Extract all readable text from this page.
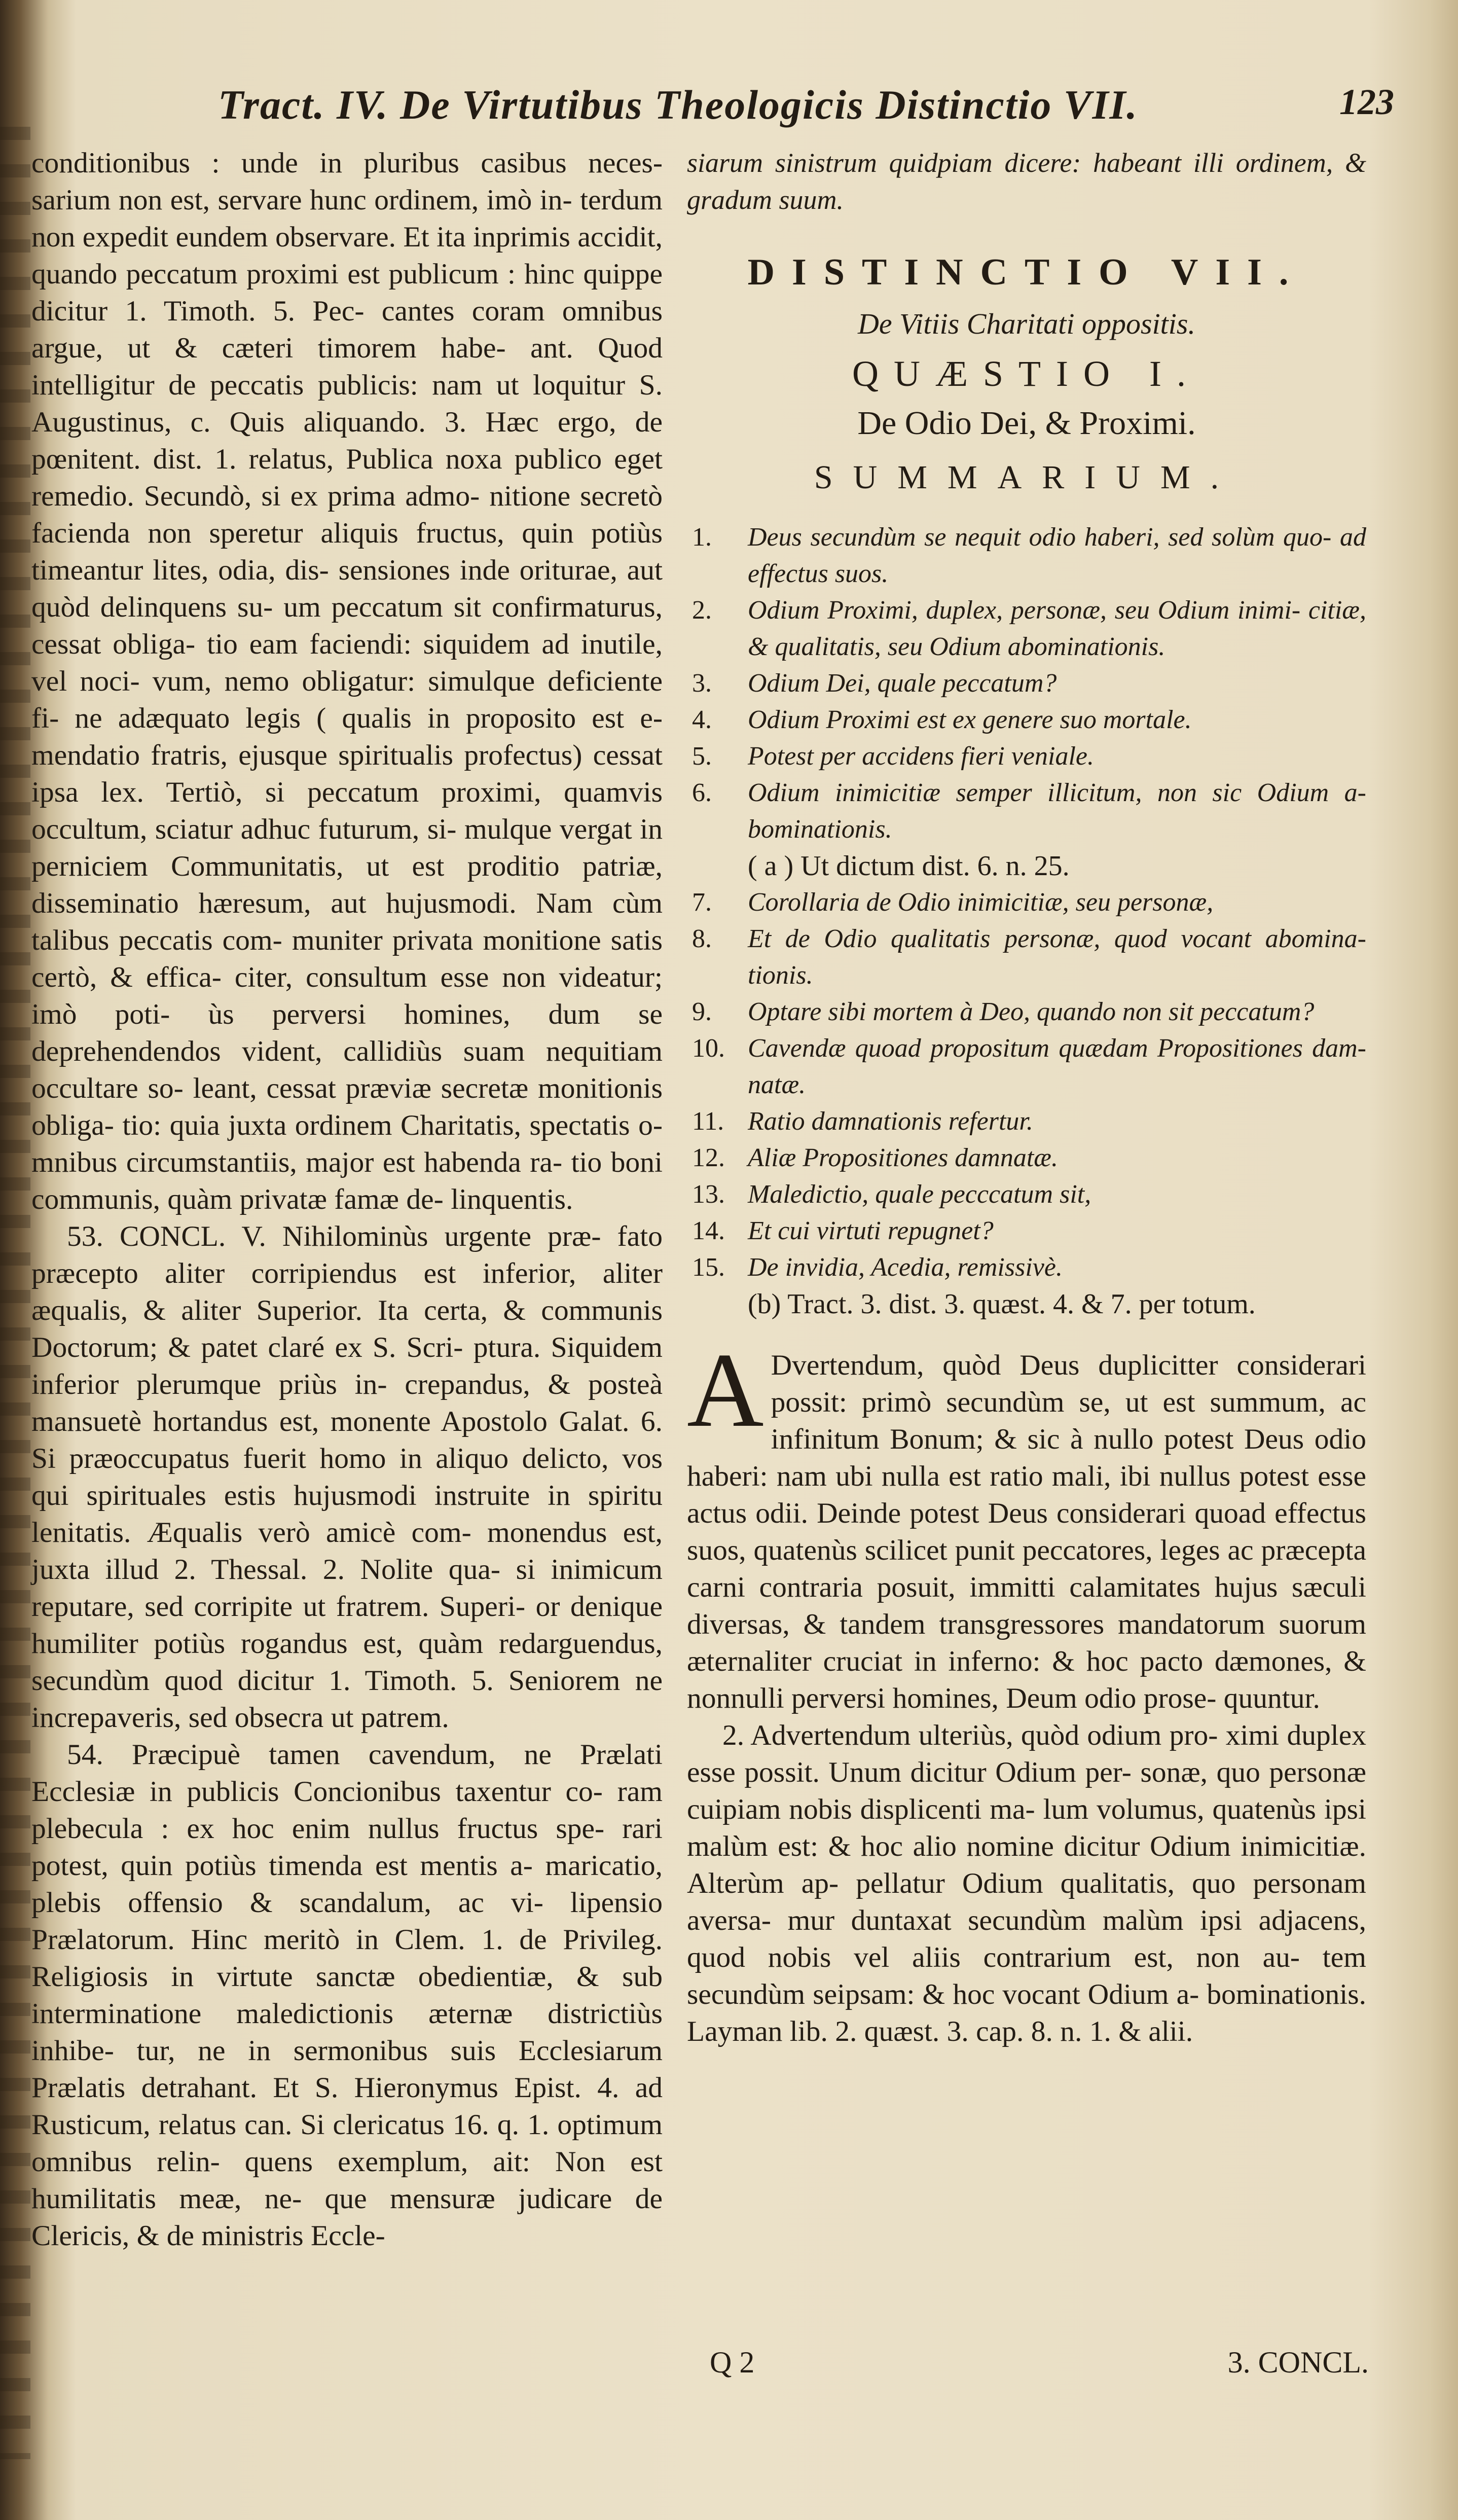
Tract. IV. De Virtutibus Theologicis Distinctio VII.	123

conditionibus : unde in pluribus casibus neces- sarium non est, servare hunc ordinem, imò in- terdum non expedit eundem observare. Et ita inprimis accidit, quando peccatum proximi est publicum : hinc quippe dicitur 1. Timoth. 5. Pec- cantes coram omnibus argue, ut & cæteri timorem habe- ant. Quod intelligitur de peccatis publicis: nam ut loquitur S. Augustinus, c. Quis aliquando. 3. Hæc ergo, de pœnitent. dist. 1. relatus, Publica noxa publico eget remedio. Secundò, si ex prima admo- nitione secretò facienda non speretur aliquis fructus, quin potiùs timeantur lites, odia, dis- sensiones inde oriturae, aut quòd delinquens su- um peccatum sit confirmaturus, cessat obliga- tio eam faciendi: siquidem ad inutile, vel noci- vum, nemo obligatur: simulque deficiente fi- ne adæquato legis ( qualis in proposito est e- mendatio fratris, ejusque spiritualis profectus) cessat ipsa lex. Tertiò, si peccatum proximi, quamvis occultum, sciatur adhuc futurum, si- mulque vergat in perniciem Communitatis, ut est proditio patriæ, disseminatio hæresum, aut hujusmodi. Nam cùm talibus peccatis com- muniter privata monitione satis certò, & effica- citer, consultum esse non videatur; imò poti- ùs perversi homines, dum se deprehendendos vident, callidiùs suam nequitiam occultare so- leant, cessat præviæ secretæ monitionis obliga- tio: quia juxta ordinem Charitatis, spectatis o- mnibus circumstantiis, major est habenda ra- tio boni communis, quàm privatæ famæ de- linquentis.

53. CONCL. V. Nihilominùs urgente præ- fato præcepto aliter corripiendus est inferior, aliter æqualis, & aliter Superior. Ita certa, & communis Doctorum; & patet claré ex S. Scri- ptura. Siquidem inferior plerumque priùs in- crepandus, & posteà mansuetè hortandus est, monente Apostolo Galat. 6. Si præoccupatus fuerit homo in aliquo delicto, vos qui spirituales estis hujusmodi instruite in spiritu lenitatis. Æqualis verò amicè com- monendus est, juxta illud 2. Thessal. 2. Nolite qua- si inimicum reputare, sed corripite ut fratrem. Superi- or denique humiliter potiùs rogandus est, quàm redarguendus, secundùm quod dicitur 1. Timoth. 5. Seniorem ne increpaveris, sed obsecra ut patrem.

54. Præcipuè tamen cavendum, ne Prælati Ecclesiæ in publicis Concionibus taxentur co- ram plebecula : ex hoc enim nullus fructus spe- rari potest, quin potiùs timenda est mentis a- maricatio, plebis offensio & scandalum, ac vi- lipensio Prælatorum. Hinc meritò in Clem. 1. de Privileg. Religiosis in virtute sanctæ obedientiæ, & sub interminatione maledictionis æternæ districtiùs inhibe- tur, ne in sermonibus suis Ecclesiarum Prælatis detrahant. Et S. Hieronymus Epist. 4. ad Rusticum, relatus can. Si clericatus 16. q. 1. optimum omnibus relin- quens exemplum, ait: Non est humilitatis meæ, ne- que mensuræ judicare de Clericis, & de ministris Eccle-

siarum sinistrum quidpiam dicere: habeant illi ordinem, & gradum suum.

DISTINCTIO VII.
De Vitiis Charitati oppositis.
QUÆSTIO I.
De Odio Dei, & Proximi.
SUMMARIUM.
1.	Deus secundùm se nequit odio haberi, sed solùm quo- ad effectus suos.
2.	Odium Proximi, duplex, personæ, seu Odium inimi- citiæ, & qualitatis, seu Odium abominationis.
3.	Odium Dei, quale peccatum?
4.	Odium Proximi est ex genere suo mortale.
5.	Potest per accidens fieri veniale.
6.	Odium inimicitiæ semper illicitum, non sic Odium a- bominationis.
( a ) Ut dictum dist. 6. n. 25.
7.	Corollaria de Odio inimicitiæ, seu personæ,
8.	Et de Odio qualitatis personæ, quod vocant abomina- tionis.
9.	Optare sibi mortem à Deo, quando non sit peccatum?
10. Cavendæ quoad propositum quædam Propositiones dam- natæ.
11. Ratio damnationis refertur.
12. Aliæ Propositiones damnatæ.
13. Maledictio, quale pecccatum sit,
14. Et cui virtuti repugnet?
15. De invidia, Acedia, remissivè.
(b) Tract. 3. dist. 3. quæst. 4. & 7. per totum.

A Dvertendum, quòd Deus duplicitter considerari possit: primò secundùm se, ut est summum, ac infinitum Bonum; & sic à nullo potest Deus odio haberi: nam ubi nulla est ratio mali, ibi nullus potest esse actus odii. Deinde potest Deus considerari quoad effectus suos, quatenùs scilicet punit peccatores, leges ac præcepta carni contraria posuit, immitti calamitates hujus sæculi diversas, & tandem transgressores mandatorum suorum æternaliter cruciat in inferno: & hoc pacto dæmones, & nonnulli perversi homines, Deum odio prose- quuntur.

2. Advertendum ulteriùs, quòd odium pro- ximi duplex esse possit. Unum dicitur Odium per- sonæ, quo personæ cuipiam nobis displicenti ma- lum volumus, quatenùs ipsi malùm est: & hoc alio nomine dicitur Odium inimicitiæ. Alterùm ap- pellatur Odium qualitatis, quo personam aversa- mur duntaxat secundùm malùm ipsi adjacens, quod nobis vel aliis contrarium est, non au- tem secundùm seipsam: & hoc vocant Odium a- bominationis. Layman lib. 2. quæst. 3. cap. 8. n. 1. & alii.

Q 2	3. CONCL.
